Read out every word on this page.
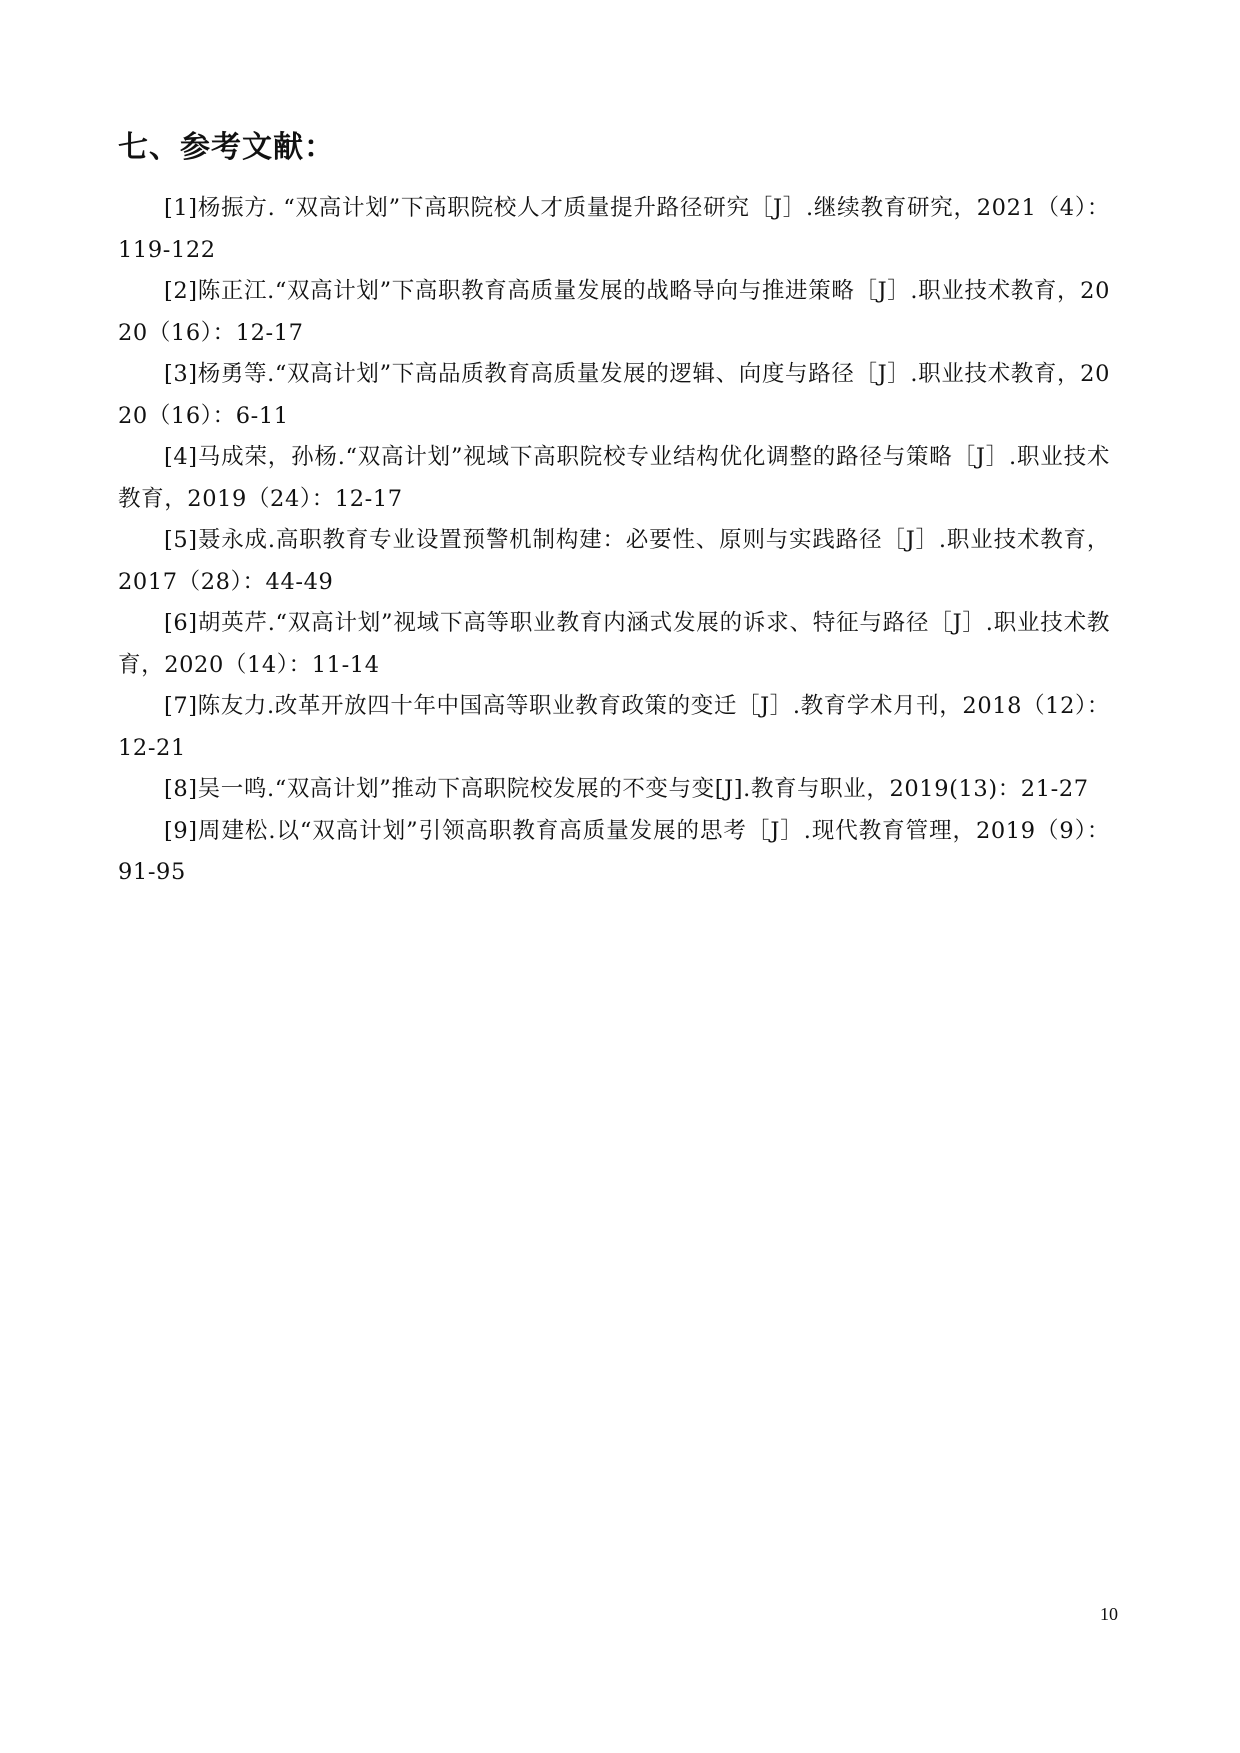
七、参考文献：
[1]杨振方. “双高计划”下高职院校人才质量提升路径研究［J］.继续教育研究，2021（4）：119-122
[2]陈正江.“双高计划”下高职教育高质量发展的战略导向与推进策略［J］.职业技术教育，2020（16）：12-17
[3]杨勇等.“双高计划”下高品质教育高质量发展的逻辑、向度与路径［J］.职业技术教育，2020（16）：6-11
[4]马成荣，孙杨.“双高计划”视域下高职院校专业结构优化调整的路径与策略［J］.职业技术教育，2019（24）：12-17
[5]聂永成.高职教育专业设置预警机制构建：必要性、原则与实践路径［J］.职业技术教育，2017（28）：44-49
[6]胡英芹.“双高计划”视域下高等职业教育内涵式发展的诉求、特征与路径［J］.职业技术教育，2020（14）：11-14
[7]陈友力.改革开放四十年中国高等职业教育政策的变迁［J］.教育学术月刊，2018（12）：12-21
[8]吴一鸣.“双高计划”推动下高职院校发展的不变与变[J].教育与职业，2019(13)：21-27
[9]周建松.以“双高计划”引领高职教育高质量发展的思考［J］.现代教育管理，2019（9）：91-95
10
